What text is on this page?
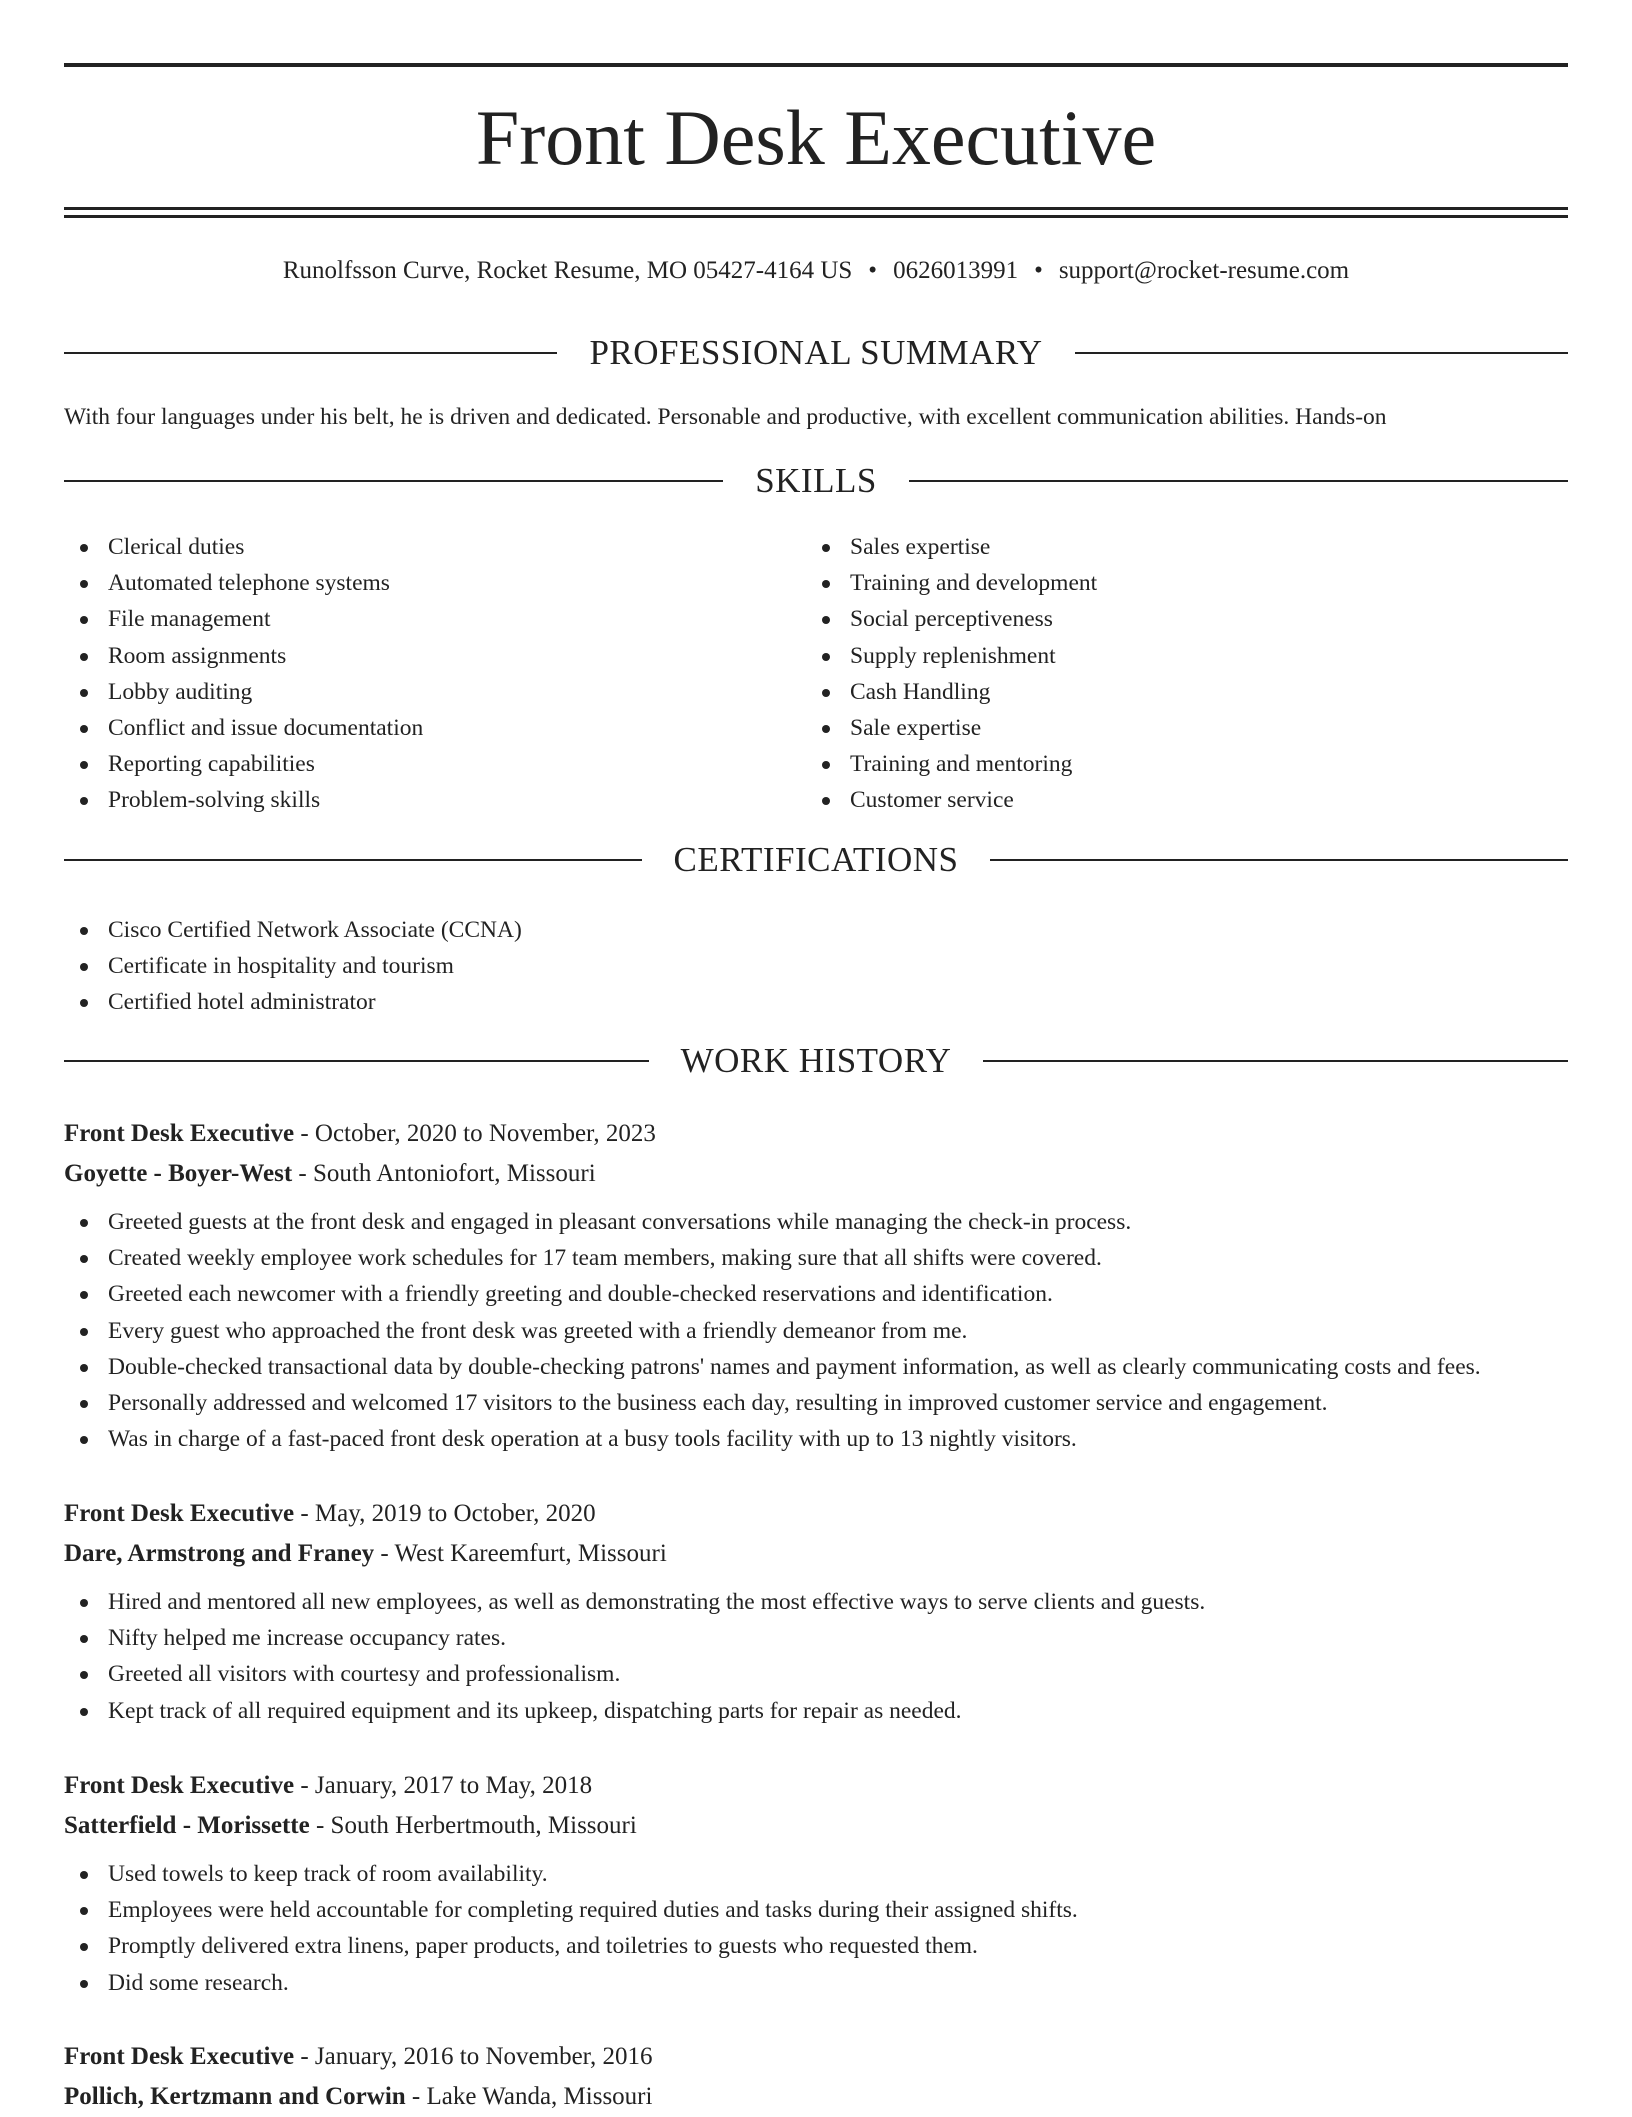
Front Desk Executive
Runolfsson Curve, Rocket Resume, MO 05427-4164 US • 0626013991 • support@rocket-resume.com
PROFESSIONAL SUMMARY
With four languages under his belt, he is driven and dedicated. Personable and productive, with excellent communication abilities. Hands-on
SKILLS
Clerical duties
Automated telephone systems
File management
Room assignments
Lobby auditing
Conflict and issue documentation
Reporting capabilities
Problem-solving skills
Sales expertise
Training and development
Social perceptiveness
Supply replenishment
Cash Handling
Sale expertise
Training and mentoring
Customer service
CERTIFICATIONS
Cisco Certified Network Associate (CCNA)
Certificate in hospitality and tourism
Certified hotel administrator
WORK HISTORY
Front Desk Executive - October, 2020 to November, 2023
Goyette - Boyer-West - South Antoniofort, Missouri
Greeted guests at the front desk and engaged in pleasant conversations while managing the check-in process.
Created weekly employee work schedules for 17 team members, making sure that all shifts were covered.
Greeted each newcomer with a friendly greeting and double-checked reservations and identification.
Every guest who approached the front desk was greeted with a friendly demeanor from me.
Double-checked transactional data by double-checking patrons' names and payment information, as well as clearly communicating costs and fees.
Personally addressed and welcomed 17 visitors to the business each day, resulting in improved customer service and engagement.
Was in charge of a fast-paced front desk operation at a busy tools facility with up to 13 nightly visitors.
Front Desk Executive - May, 2019 to October, 2020
Dare, Armstrong and Franey - West Kareemfurt, Missouri
Hired and mentored all new employees, as well as demonstrating the most effective ways to serve clients and guests.
Nifty helped me increase occupancy rates.
Greeted all visitors with courtesy and professionalism.
Kept track of all required equipment and its upkeep, dispatching parts for repair as needed.
Front Desk Executive - January, 2017 to May, 2018
Satterfield - Morissette - South Herbertmouth, Missouri
Used towels to keep track of room availability.
Employees were held accountable for completing required duties and tasks during their assigned shifts.
Promptly delivered extra linens, paper products, and toiletries to guests who requested them.
Did some research.
Front Desk Executive - January, 2016 to November, 2016
Pollich, Kertzmann and Corwin - Lake Wanda, Missouri
